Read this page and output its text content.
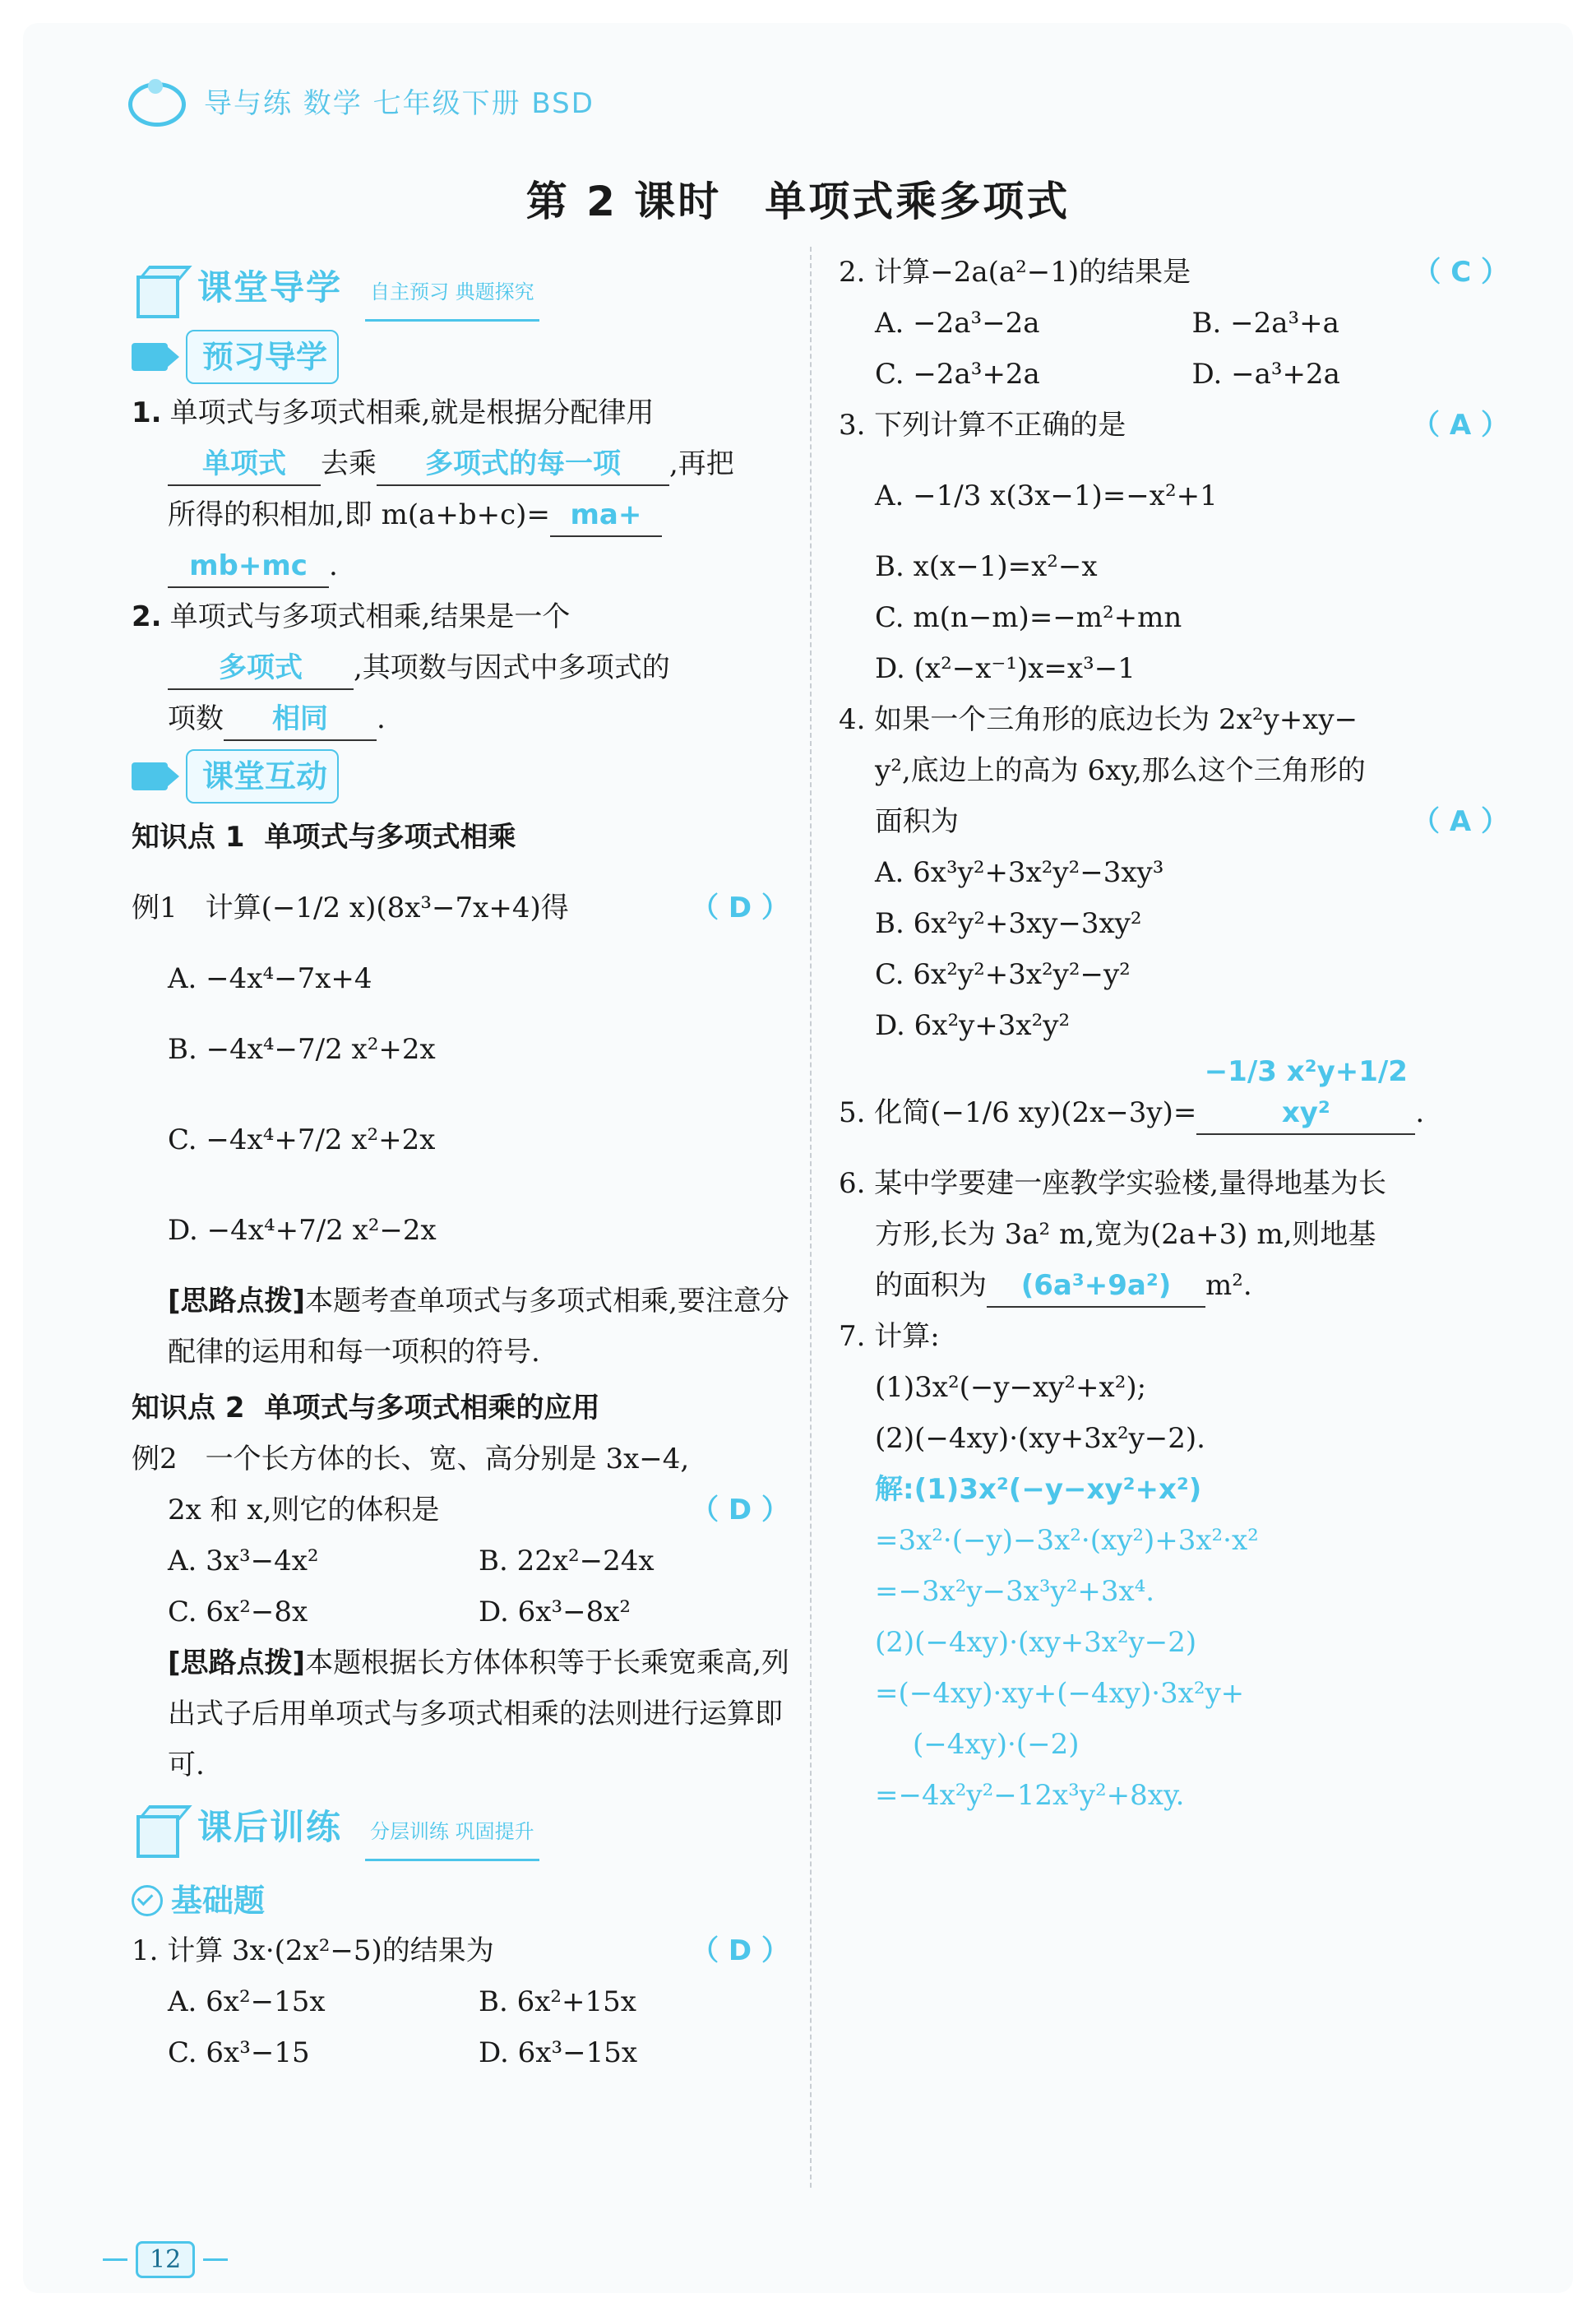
导与练 数学 七年级下册 BSD
第 2 课时　单项式乘多项式
课堂导学 自主预习 典题探究
预习导学

1. 单项式与多项式相乘,就是根据分配律用

单项式 去乘 多项式的每一项 ,再把

所得的积相加,即 m(a+b+c)= ma+

mb+mc .

2. 单项式与多项式相乘,结果是一个

多项式 ,其项数与因式中多项式的

项数 相同 .

课堂互动

知识点 1 单项式与多项式相乘

例1　计算(−1/2 x)(8x³−7x+4)得	（ D ）

A. −4x⁴−7x+4

B. −4x⁴−7/2 x²+2x

C. −4x⁴+7/2 x²+2x

D. −4x⁴+7/2 x²−2x

[思路点拨]本题考查单项式与多项式相乘,要注意分配律的运用和每一项积的符号.

知识点 2 单项式与多项式相乘的应用

例2　一个长方体的长、宽、高分别是 3x−4,

2x 和 x,则它的体积是	（ D ）

A. 3x³−4x²	B. 22x²−24x
C. 6x²−8x	D. 6x³−8x²

[思路点拨]本题根据长方体体积等于长乘宽乘高,列出式子后用单项式与多项式相乘的法则进行运算即可.

课后训练 分层训练 巩固提升
基础题

1. 计算 3x·(2x²−5)的结果为	（ D ）

A. 6x²−15x	B. 6x²+15x
C. 6x³−15	D. 6x³−15x

2. 计算−2a(a²−1)的结果是	（ C ）

A. −2a³−2a	B. −2a³+a
C. −2a³+2a	D. −a³+2a

3. 下列计算不正确的是	（ A ）

A. −1/3 x(3x−1)=−x²+1

B. x(x−1)=x²−x

C. m(n−m)=−m²+mn

D. (x²−x⁻¹)x=x³−1

4. 如果一个三角形的底边长为 2x²y+xy−

y²,底边上的高为 6xy,那么这个三角形的

面积为	（ A ）

A. 6x³y²+3x²y²−3xy³

B. 6x²y²+3xy−3xy²

C. 6x²y²+3x²y²−y²

D. 6x²y+3x²y²

5. 化简(−1/6 xy)(2x−3y)=−1/3 x²y+1/2 xy²	.

6. 某中学要建一座教学实验楼,量得地基为长

方形,长为 3a² m,宽为(2a+3) m,则地基

的面积为 (6a³+9a²) m².

7. 计算:

(1)3x²(−y−xy²+x²);

(2)(−4xy)·(xy+3x²y−2).

解:(1)3x²(−y−xy²+x²)

=3x²·(−y)−3x²·(xy²)+3x²·x²

=−3x²y−3x³y²+3x⁴.

(2)(−4xy)·(xy+3x²y−2)

=(−4xy)·xy+(−4xy)·3x²y+

(−4xy)·(−2)

=−4x²y²−12x³y²+8xy.

12
